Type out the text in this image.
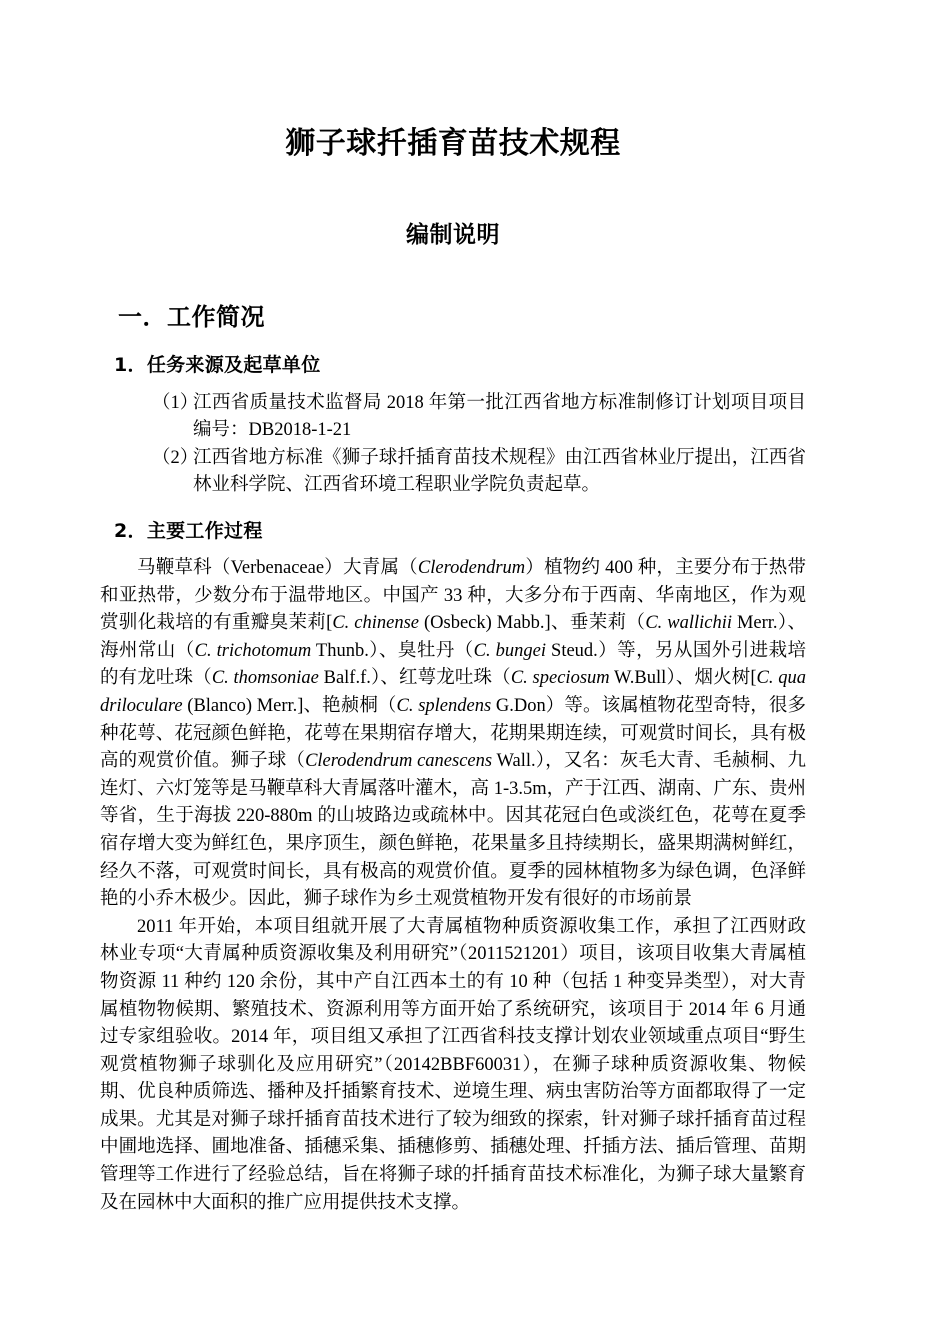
狮子球扦插育苗技术规程
编制说明
一．工作简况
1．任务来源及起草单位
（1）
江西省质量技术监督局 2018 年第一批江西省地方标准制修订计划项目项目编号：DB2018-1-21
（2）
江西省地方标准《狮子球扦插育苗技术规程》由江西省林业厅提出，江西省林业科学院、江西省环境工程职业学院负责起草。
2．主要工作过程

马鞭草科（Verbenaceae）大青属（Clerodendrum）植物约 400 种，主要分布于热带和亚热带，少数分布于温带地区。中国产 33 种，大多分布于西南、华南地区，作为观赏驯化栽培的有重瓣臭茉莉[C. chinense (Osbeck) Mabb.]、垂茉莉（C. wallichii Merr.）、海州常山（C. trichotomum Thunb.）、臭牡丹（C. bungei Steud.）等，另从国外引进栽培的有龙吐珠（C. thomsoniae Balf.f.）、红萼龙吐珠（C. speciosum W.Bull）、烟火树[C. quadriloculare (Blanco) Merr.]、艳赪桐（C. splendens G.Don）等。该属植物花型奇特，很多种花萼、花冠颜色鲜艳，花萼在果期宿存增大，花期果期连续，可观赏时间长，具有极高的观赏价值。狮子球（Clerodendrum canescens Wall.），又名：灰毛大青、毛赪桐、九连灯、六灯笼等是马鞭草科大青属落叶灌木，高 1-3.5m，产于江西、湖南、广东、贵州等省，生于海拔 220-880m 的山坡路边或疏林中。因其花冠白色或淡红色，花萼在夏季宿存增大变为鲜红色，果序顶生，颜色鲜艳，花果量多且持续期长，盛果期满树鲜红，经久不落，可观赏时间长，具有极高的观赏价值。夏季的园林植物多为绿色调，色泽鲜艳的小乔木极少。因此，狮子球作为乡土观赏植物开发有很好的市场前景

2011 年开始，本项目组就开展了大青属植物种质资源收集工作，承担了江西财政林业专项“大青属种质资源收集及利用研究”（2011521201）项目，该项目收集大青属植物资源 11 种约 120 余份，其中产自江西本土的有 10 种（包括 1 种变异类型），对大青属植物物候期、繁殖技术、资源利用等方面开始了系统研究，该项目于 2014 年 6 月通过专家组验收。2014 年，项目组又承担了江西省科技支撑计划农业领域重点项目“野生观赏植物狮子球驯化及应用研究”（20142BBF60031），在狮子球种质资源收集、物候期、优良种质筛选、播种及扦插繁育技术、逆境生理、病虫害防治等方面都取得了一定成果。尤其是对狮子球扦插育苗技术进行了较为细致的探索，针对狮子球扦插育苗过程中圃地选择、圃地准备、插穗采集、插穗修剪、插穗处理、扦插方法、插后管理、苗期管理等工作进行了经验总结，旨在将狮子球的扦插育苗技术标准化，为狮子球大量繁育及在园林中大面积的推广应用提供技术支撑。
